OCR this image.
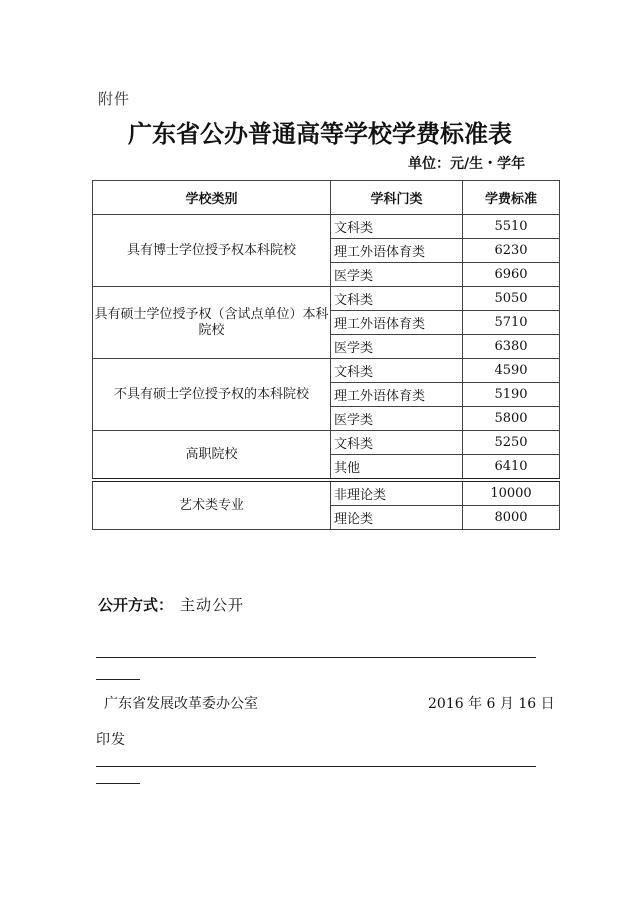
附件
广东省公办普通高等学校学费标准表
单位：元/生・学年
学校类别	学科门类	学费标准
具有博士学位授予权本科院校	文科类	5510
	理工外语体育类	6230
	医学类	6960
具有硕士学位授予权（含试点单位）本科院校	文科类	5050
	理工外语体育类	5710
	医学类	6380
不具有硕士学位授予权的本科院校	文科类	4590
	理工外语体育类	5190
	医学类	5800
高职院校	文科类	5250
	其他	6410
艺术类专业	非理论类	10000
	理论类	8000
公开方式： 主动公开
广东省发展改革委办公室	2016 年 6 月 16 日
印发
